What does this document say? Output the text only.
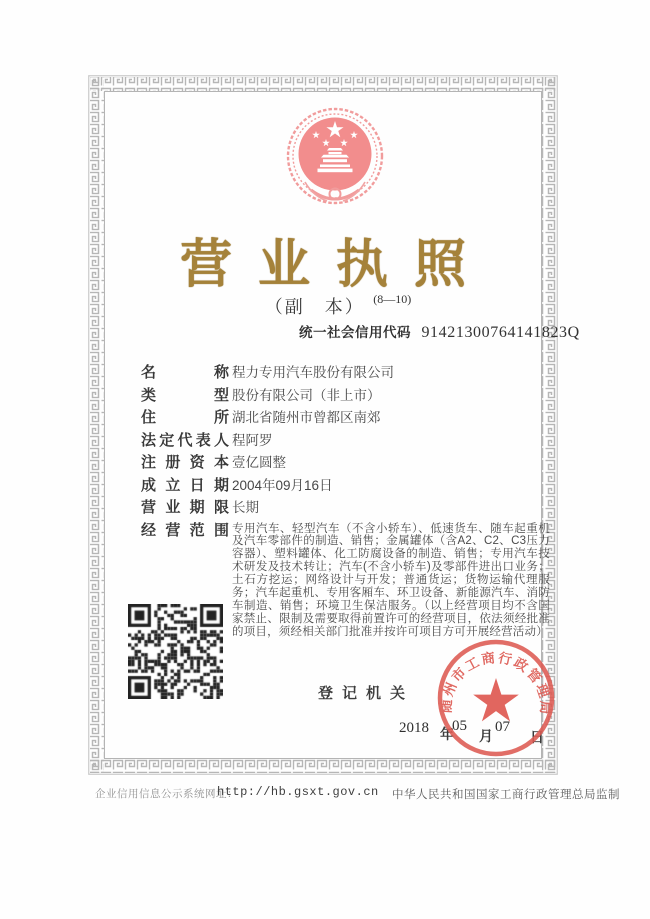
营业执照
（副　本） $^{(8—10)}$
统一社会信用代码 91421300764141823Q
名称 程力专用汽车股份有限公司
类型 股份有限公司（非上市）
住所 湖北省随州市曾都区南郊
法定代表人 程阿罗
注册资本 壹亿圆整
成立日期 2004年09月16日
营业期限 长期
经营范围 专用汽车、轻型汽车（不含小轿车）、低速货车、随车起重机及汽车零部件的制造、销售；金属罐体（含A2、C2、C3压力容器）、塑料罐体、化工防腐设备的制造、销售；专用汽车技术研发及技术转让；汽车(不含小轿车)及零部件进出口业务；土石方挖运；网络设计与开发；普通货运；货物运输代理服务；汽车起重机、专用客厢车、环卫设备、新能源汽车、消防车制造、销售；环境卫生保洁服务。（以上经营项目均不含国家禁止、限制及需要取得前置许可的经营项目，依法须经批准的项目，须经相关部门批准并按许可项目方可开展经营活动）
登记机关
2018 年
05
月
07
日
随州市工商行政管理局
企业信用信息公示系统网址：
http://hb.gsxt.gov.cn 中华人民共和国国家工商行政管理总局监制
